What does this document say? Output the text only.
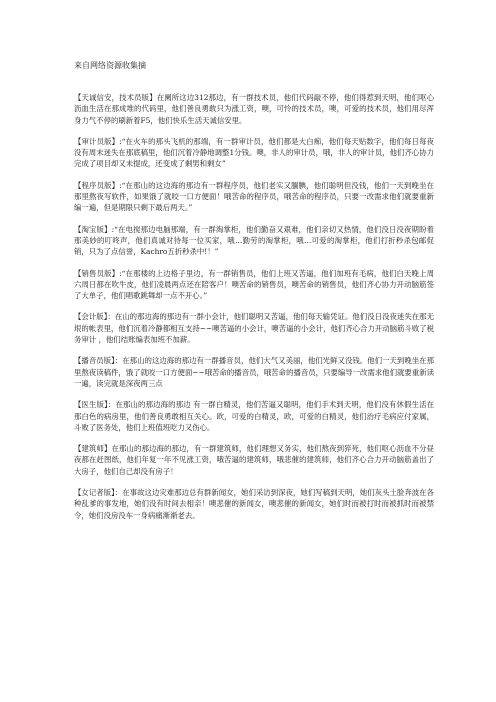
来自网络资源收集摘

【天诚信安，技术员版】在阑所这边312那边，有一群技术员，他们代码敲不停，他们得惹到天明，他们呕心沥血生活在那成堆的代码里，他们善良勇敢只为涨工资，噢，可怜的技术员，噢，可爱的技术员，他们用尽浑身力气不停的刷新着F5，他们快乐生活天诚信安里。

【审计员版】:“在火车的那头飞机的那端，有一群审计员，他们都是大白痴，他们每天贴数字，他们每日每夜没有周末迷失在那底稿里，他们沉着冷静地调整1分钱。噢，非人的审计员，哦，非人的审计员，他们齐心协力完成了项目却又未提成，还变成了剩男和剩女”

【程序员版】:“在那山的这边海的那边有一群程序员，他们老实又腼腆，他们聪明但没钱，他们一天到晚坐在那里熬夜写软件，如果饿了就咬一口方便面！哦苦命的程序员，哦苦命的程序员，只要一改需求他们就要重新编一遍，但是期限只剩下最后两天。”

【淘宝版】:“在电搅那边电脑那端，有一群淘掌柜，他们勤奋又艰难，他们亲切又热情，他们没日没夜期盼着那美妙的叮咚声，他们真诚对待每一位买家，哦…勤劳的淘掌柜，哦…可爱的淘掌柜，他们打折秒杀包邮促销，只为了点信誉，Kachro五折秒杀中!！”

【销售员版】:“在那楼的上边格子里边，有一群销售员，他们上班又苦逼，他们加班有毛病，他们白天晚上周六周日都在吹牛皮，他们凌晨两点还在陪客户！噢苦命的销售员，噢苦命的销售员，他们齐心协力开动脑筋签了大单子，他们唱歌跳舞却一点不开心。”

【会计版】：在山的那边海的那边有一群小会计，他们聪明又苦逼，他们每天输凭证。他们没日没夜迷失在那无垠的帐表里，他们沉着冷静都相互支持~~噢苦逼的小会计，噢苦逼的小会计，他们齐心合力开动脑筋斗败了税务审计 ，他们结账编表加班不加薪。

【播音员版】：在那山的这边海的那边有一群播音员，他们大气又美丽，他们光鲜又没钱。他们一天到晚坐在那里熬夜读稿件，饿了就咬一口方便面~~哦苦命的播音员，哦苦命的播音员，只要编导一改需求他们就要重新读一遍，读完就是深夜两三点

【医生版】：在那山的那边海的那边 有一群白精灵，他们苦逼又聪明，他们手术到天明，他们没有休假生活在那白色的病房里，他们善良勇敢相互关心。欧，可爱的白精灵，欧，可爱的白精灵，他们治疗毛病应付家属，斗败了医务处，他们上班值班吃力又伤心。

【建筑师】在那山的那边海的那边，有一群建筑师，他们理想又务实，他们熬夜到猝死，他们呕心沥血不分昼夜都在赶图纸，他们年复一年不见涨工资，哦苦逼的建筑师，哦悲催的建筑师，他们齐心合力开动脑筋盖出了大房子，他们自己却没有房子！

【女记者版】：在事故这边灾难那边总有群新闻女，她们采访到深夜，她们写稿到天明，她们灰头土脸奔波在各种乱爹的事发地，她们没有时间去相亲！噢悲催的新闻女，噢悲催的新闻女，她们时而被打时而被抓时而被禁令，她们没房没车一身病痛渐渐老去。
